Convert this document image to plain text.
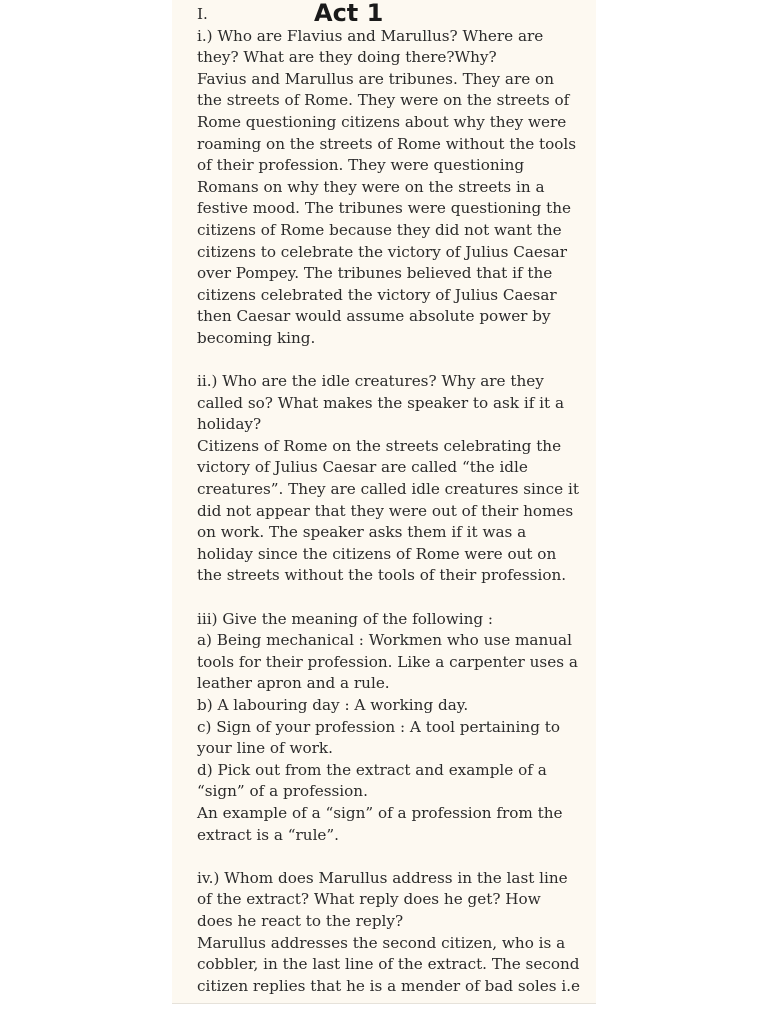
I.	Act 1
i.) Who are Flavius and Marullus? Where are
they? What are they doing there?Why?
Favius and Marullus are tribunes. They are on
the streets of Rome. They were on the streets of
Rome questioning citizens about why they were
roaming on the streets of Rome without the tools
of their profession. They were questioning
Romans on why they were on the streets in a
festive mood. The tribunes were questioning the
citizens of Rome because they did not want the
citizens to celebrate the victory of Julius Caesar
over Pompey. The tribunes believed that if the
citizens celebrated the victory of Julius Caesar
then Caesar would assume absolute power by
becoming king.
ii.) Who are the idle creatures? Why are they
called so? What makes the speaker to ask if it a
holiday?
Citizens of Rome on the streets celebrating the
victory of Julius Caesar are called “the idle
creatures”. They are called idle creatures since it
did not appear that they were out of their homes
on work. The speaker asks them if it was a
holiday since the citizens of Rome were out on
the streets without the tools of their profession.
iii) Give the meaning of the following :
a) Being mechanical : Workmen who use manual
tools for their profession. Like a carpenter uses a
leather apron and a rule.
b) A labouring day : A working day.
c) Sign of your profession : A tool pertaining to
your line of work.
d) Pick out from the extract and example of a
“sign” of a profession.
An example of a “sign” of a profession from the
extract is a “rule”.
iv.) Whom does Marullus address in the last line
of the extract? What reply does he get? How
does he react to the reply?
Marullus addresses the second citizen, who is a
cobbler, in the last line of the extract. The second
citizen replies that he is a mender of bad soles i.e
